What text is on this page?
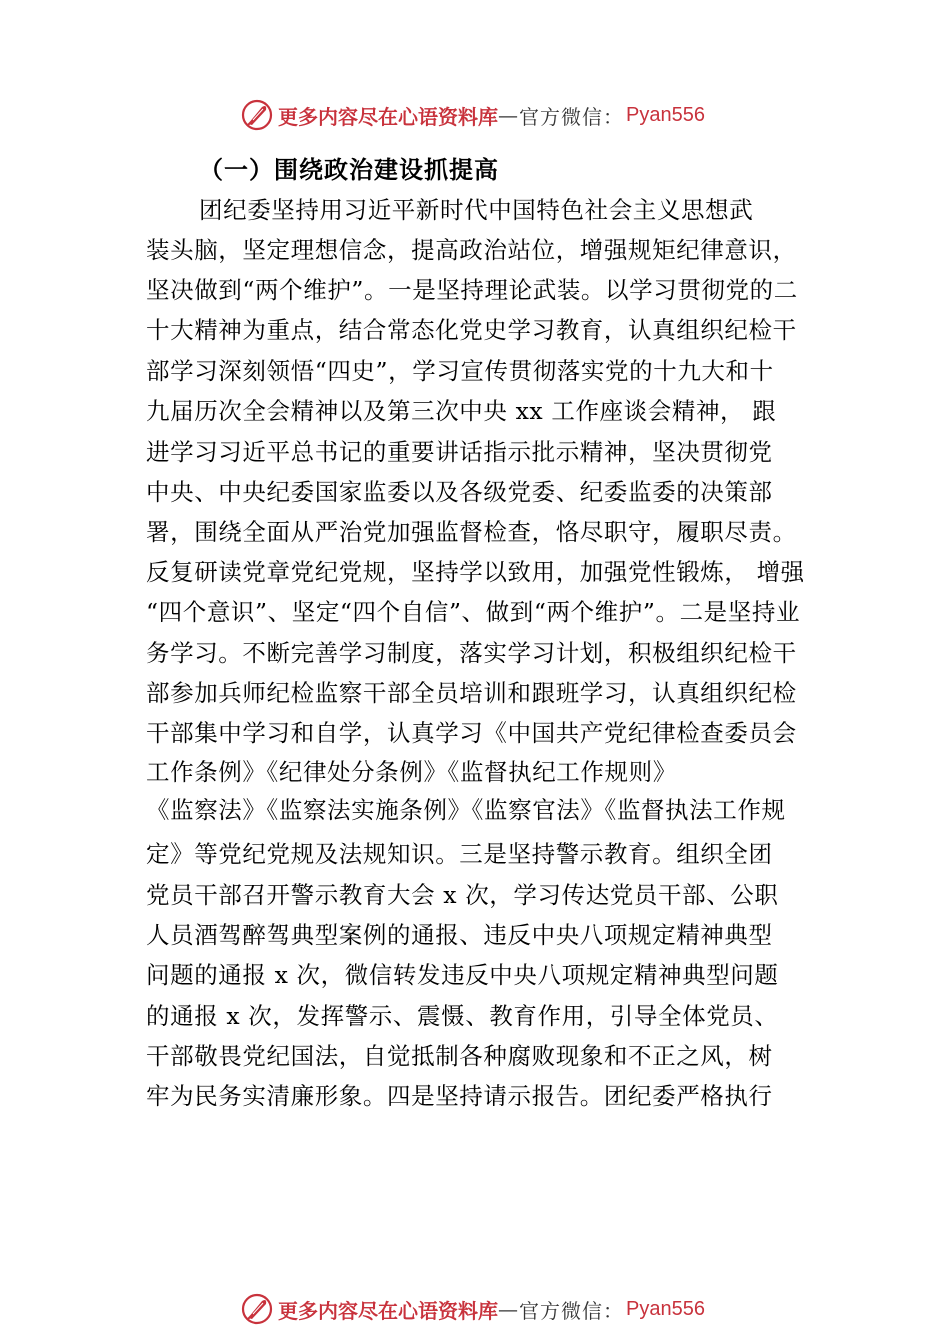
更多内容尽在心语资料库 — 官方微信： Pyan556
（一）围绕政治建设抓提高
团纪委坚持用习近平新时代中国特色社会主义思想武
装头脑，坚定理想信念，提高政治站位，增强规矩纪律意识，
坚决做到“两个维护”。一是坚持理论武装。以学习贯彻党的二
十大精神为重点，结合常态化党史学习教育，认真组织纪检干
部学习深刻领悟“四史”，学习宣传贯彻落实党的十九大和十
九届历次全会精神以及第三次中央 xx 工作座谈会精神， 跟
进学习习近平总书记的重要讲话指示批示精神，坚决贯彻党
中央、中央纪委国家监委以及各级党委、纪委监委的决策部
署，围绕全面从严治党加强监督检查，恪尽职守，履职尽责。
反复研读党章党纪党规，坚持学以致用，加强党性锻炼， 增强
“四个意识”、坚定“四个自信”、做到“两个维护”。二是坚持业
务学习。不断完善学习制度，落实学习计划，积极组织纪检干
部参加兵师纪检监察干部全员培训和跟班学习，认真组织纪检
干部集中学习和自学，认真学习《中国共产党纪律检查委员会
工作条例》《纪律处分条例》《监督执纪工作规则》
《监察法》《监察法实施条例》《监察官法》《监督执法工作规
定》等党纪党规及法规知识。三是坚持警示教育。组织全团
党员干部召开警示教育大会 x 次，学习传达党员干部、公职
人员酒驾醉驾典型案例的通报、违反中央八项规定精神典型
问题的通报 x 次，微信转发违反中央八项规定精神典型问题
的通报 x 次，发挥警示、震慑、教育作用，引导全体党员、
干部敬畏党纪国法，自觉抵制各种腐败现象和不正之风，树
牢为民务实清廉形象。四是坚持请示报告。团纪委严格执行
更多内容尽在心语资料库 — 官方微信： Pyan556
